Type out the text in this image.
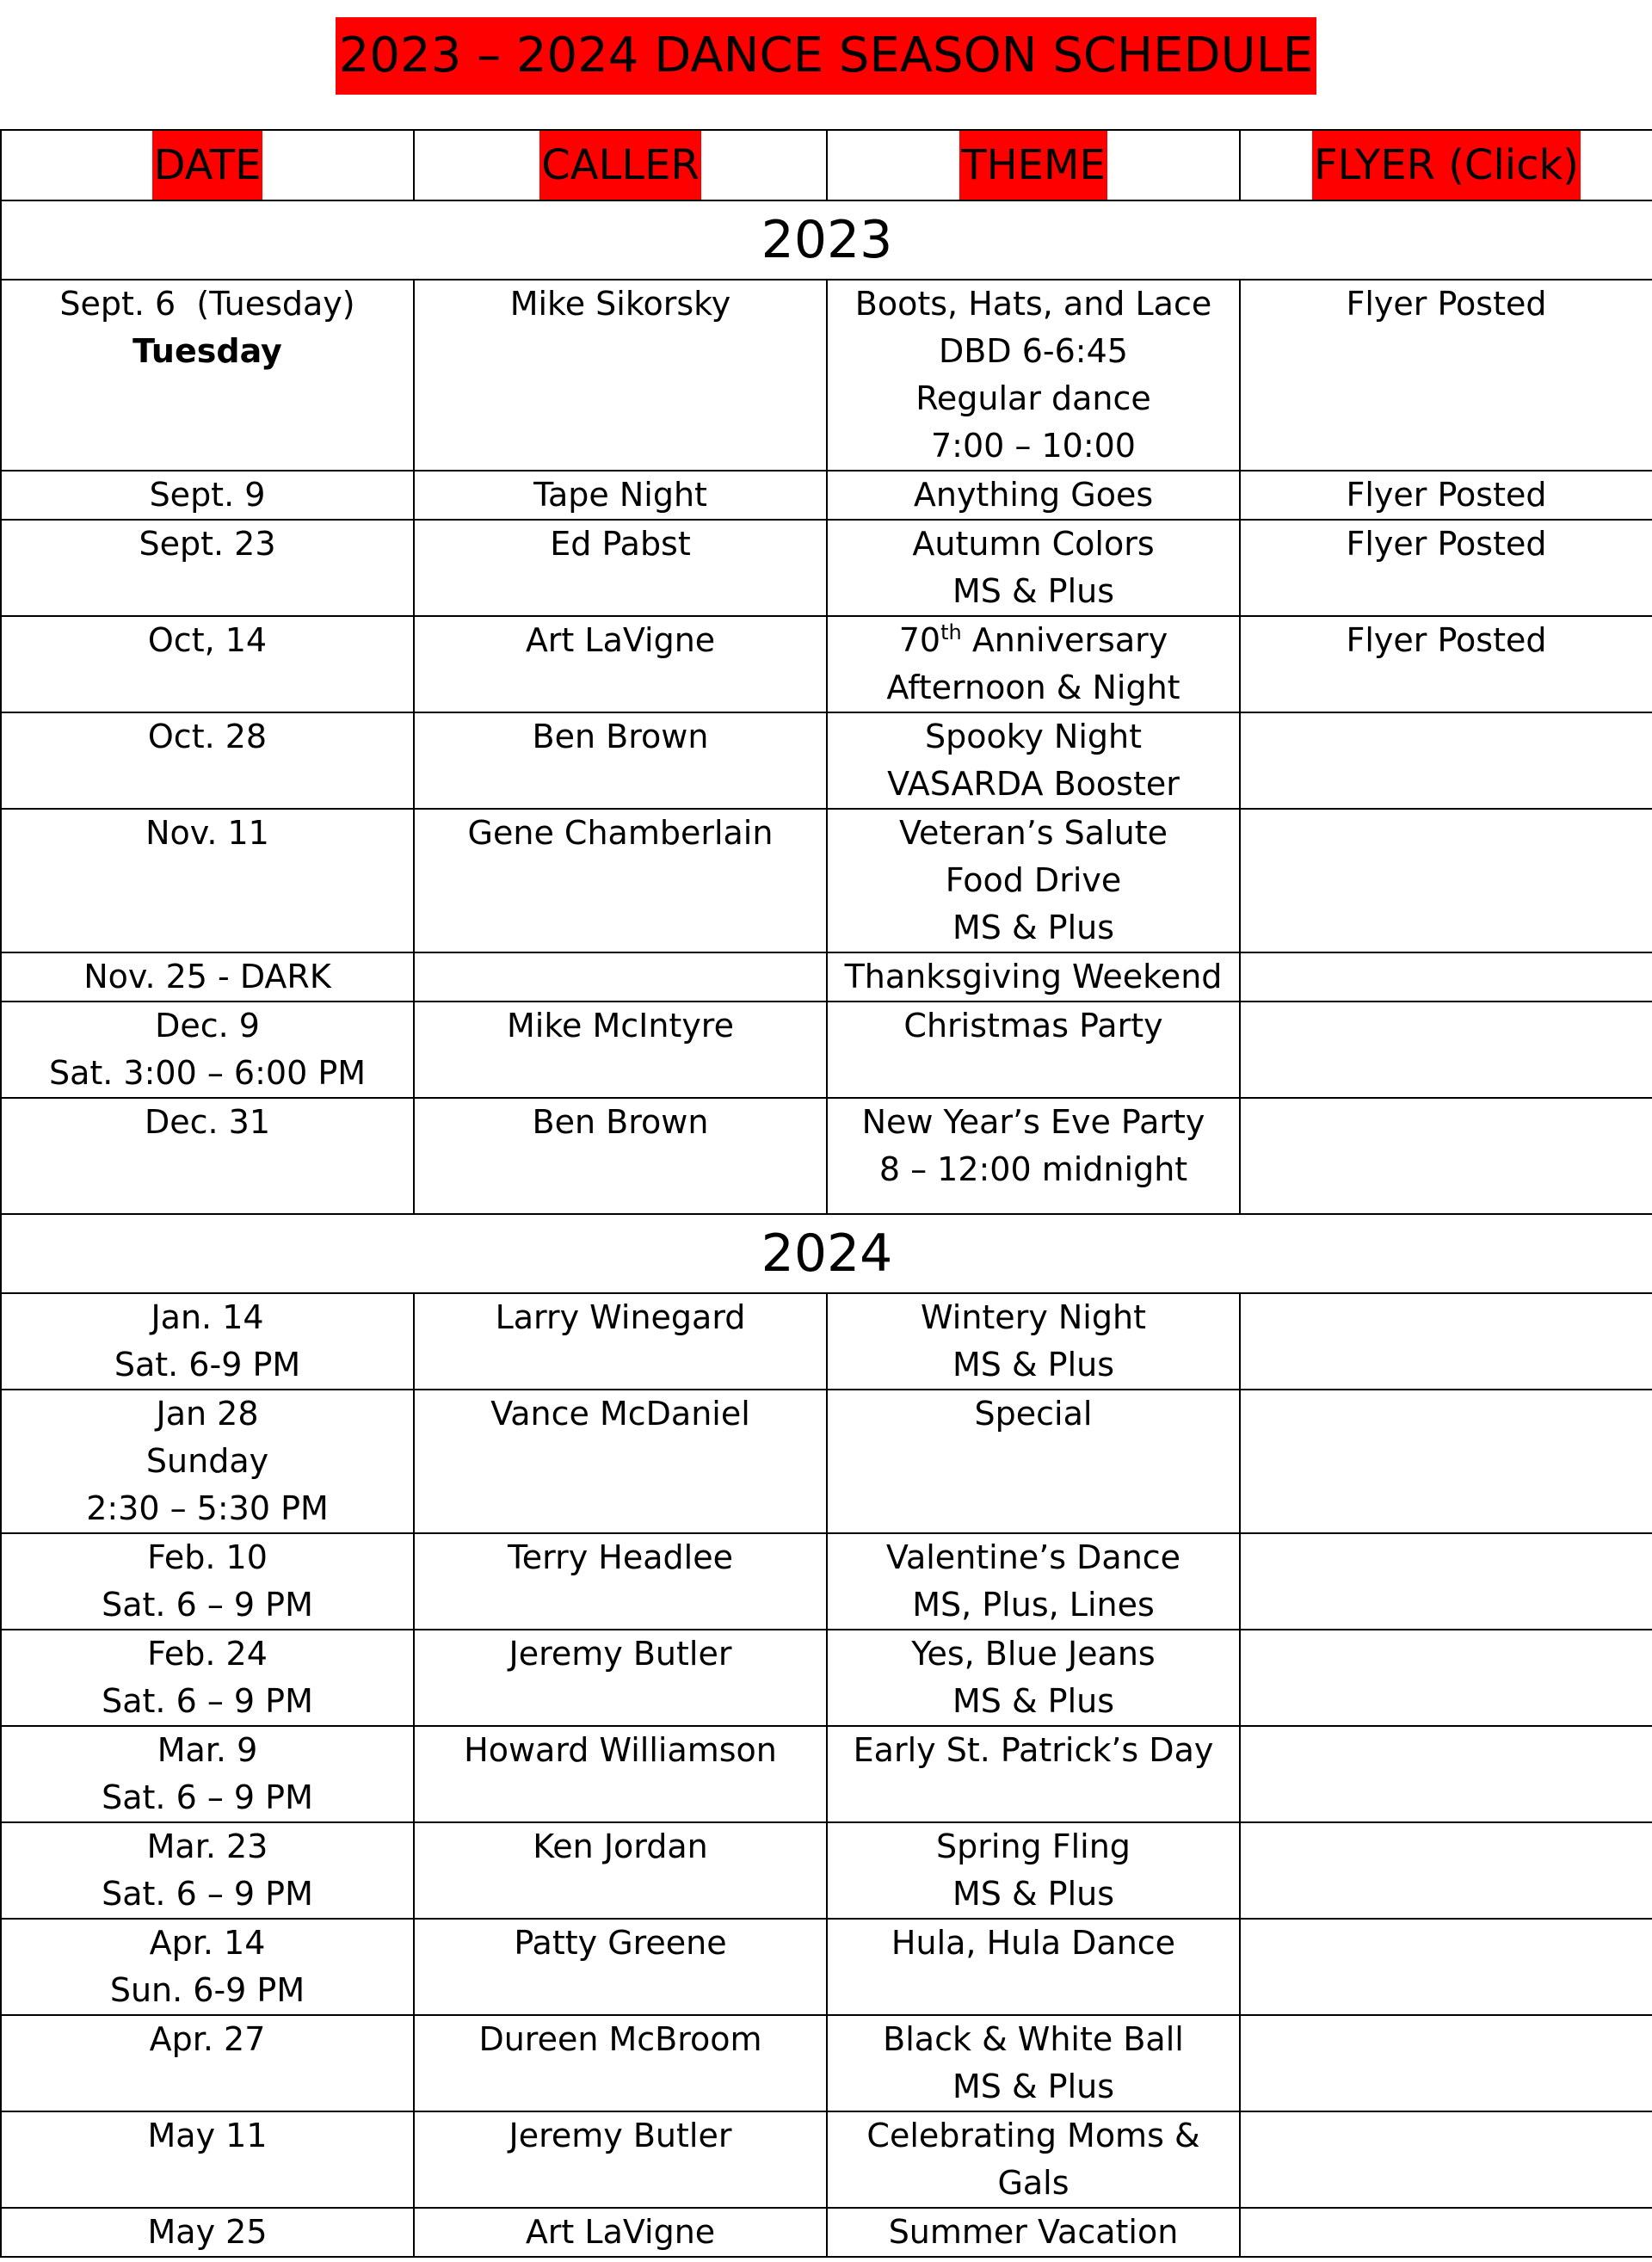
2023 – 2024 DANCE SEASON SCHEDULE
DATE	CALLER	THEME	FLYER (Click)
2023			

Sept. 6  (Tuesday)
Tuesday	Mike Sikorsky	Boots, Hats, and Lace
DBD 6-6:45
Regular dance
7:00 – 10:00	Flyer Posted

Sept. 9	Tape Night	Anything Goes	Flyer Posted

Sept. 23	Ed Pabst	Autumn Colors
MS & Plus	Flyer Posted

Oct, 14	Art LaVigne	70th Anniversary
Afternoon & Night	Flyer Posted

Oct. 28	Ben Brown	Spooky Night
VASARDA Booster	

Nov. 11	Gene Chamberlain	Veteran’s Salute
Food Drive
MS & Plus	

Nov. 25 - DARK		Thanksgiving Weekend	

Dec. 9
Sat. 3:00 – 6:00 PM	Mike McIntyre	Christmas Party	

Dec. 31	Ben Brown	New Year’s Eve Party
8 – 12:00 midnight	

2024			

Jan. 14
Sat. 6-9 PM	Larry Winegard	Wintery Night
MS & Plus	

Jan 28
Sunday
2:30 – 5:30 PM	Vance McDaniel	Special	

Feb. 10
Sat. 6 – 9 PM	Terry Headlee	Valentine’s Dance
MS, Plus, Lines	

Feb. 24
Sat. 6 – 9 PM	Jeremy Butler	Yes, Blue Jeans
MS & Plus	

Mar. 9
Sat. 6 – 9 PM	Howard Williamson	Early St. Patrick’s Day	

Mar. 23
Sat. 6 – 9 PM	Ken Jordan	Spring Fling
MS & Plus	

Apr. 14
Sun. 6-9 PM	Patty Greene	Hula, Hula Dance	

Apr. 27	Dureen McBroom	Black & White Ball
MS & Plus	

May 11	Jeremy Butler	Celebrating Moms &
Gals	

May 25	Art LaVigne	Summer Vacation	
